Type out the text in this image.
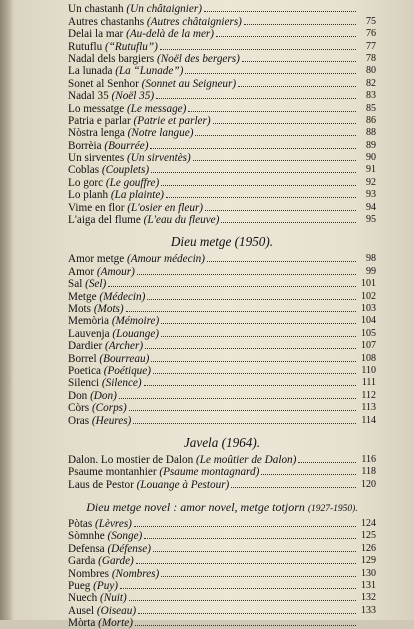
Un chastanh (Un châtaignier)
Autres chastanhs (Autres châtaigniers)	75
Delai la mar (Au-delà de la mer)	76
Rutuflu (“Rutuflu”)	77
Nadal dels bargiers (Noël des bergers)	78
La lunada (La “Lunade”)	80
Sonet al Senhor (Sonnet au Seigneur)	82
Nadal 35 (Noël 35)	83
Lo messatge (Le message)	85
Patria e parlar (Patrie et parler)	86
Nòstra lenga (Notre langue)	88
Borrèia (Bourrée)	89
Un sirventes (Un sirventès)	90
Coblas (Couplets)	91
Lo gorc (Le gouffre)	92
Lo planh (La plainte)	93
Vime en flor (L'osier en fleur)	94
L'aiga del flume (L'eau du fleuve)	95
Dieu metge (1950).
Amor metge (Amour médecin)	98
Amor (Amour)	99
Sal (Sel)	101
Metge (Médecin)	102
Mots (Mots)	103
Memòria (Mémoire)	104
Lauvenja (Louange)	105
Dardier (Archer)	107
Borrel (Bourreau)	108
Poetica (Poétique)	110
Silenci (Silence)	111
Don (Don)	112
Còrs (Corps)	113
Oras (Heures)	114
Javela (1964).
Dalon. Lo mostier de Dalon (Le moûtier de Dalon)	116
Psaume montanhier (Psaume montagnard)	118
Laus de Pestor (Louange à Pestour)	120
Dieu metge novel : amor novel, metge totjorn (1927-1950).
Pòtas (Lèvres)	124
Sòmnhe (Songe)	125
Defensa (Défense)	126
Garda (Garde)	129
Nombres (Nombres)	130
Pueg (Puy)	131
Nuech (Nuit)	132
Ausel (Oiseau)	133
Mòrta (Morte)
